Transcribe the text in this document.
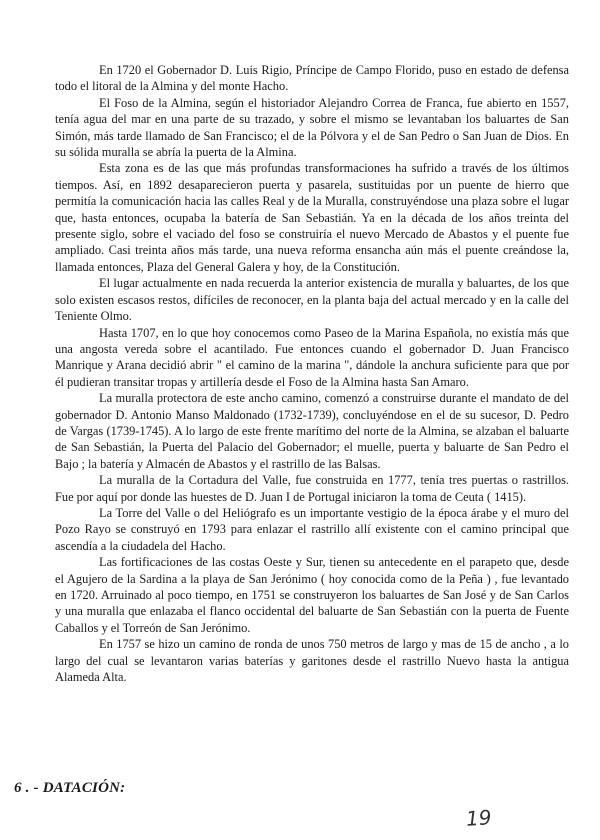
En 1720 el Gobernador D. Luis Rigio, Príncipe de Campo Florido, puso en estado de defensa todo el litoral de la Almina y del monte Hacho.

El Foso de la Almina, según el historiador Alejandro Correa de Franca, fue abierto en 1557, tenía agua del mar en una parte de su trazado, y sobre el mismo se levantaban los baluartes de San Simón, más tarde llamado de San Francisco; el de la Pólvora y el de San Pedro o San Juan de Dios. En su sólida muralla se abría la puerta de la Almina.

Esta zona es de las que más profundas transformaciones ha sufrido a través de los últimos tiempos. Así, en 1892 desaparecieron puerta y pasarela, sustituidas por un puente de hierro que permitía la comunicación hacia las calles Real y de la Muralla, construyéndose una plaza sobre el lugar que, hasta entonces, ocupaba la batería de San Sebastián. Ya en la década de los años treinta del presente siglo, sobre el vaciado del foso se construiría el nuevo Mercado de Abastos y el puente fue ampliado. Casi treinta años más tarde, una nueva reforma ensancha aún más el puente creándose la, llamada entonces, Plaza del General Galera y hoy, de la Constitución.

El lugar actualmente en nada recuerda la anterior existencia de muralla y baluartes, de los que solo existen escasos restos, difíciles de reconocer, en la planta baja del actual mercado y en la calle del Teniente Olmo.

Hasta 1707, en lo que hoy conocemos como Paseo de la Marina Española, no existía más que una angosta vereda sobre el acantilado. Fue entonces cuando el gobernador D. Juan Francisco Manrique y Arana decidió abrir " el camino de la marina ", dándole la anchura suficiente para que por él pudieran transitar tropas y artillería desde el Foso de la Almina hasta San Amaro.

La muralla protectora de este ancho camino, comenzó a construirse durante el mandato de del gobernador D. Antonio Manso Maldonado (1732-1739), concluyéndose en el de su sucesor, D. Pedro de Vargas (1739-1745). A lo largo de este frente marítimo del norte de la Almina, se alzaban el baluarte de San Sebastián, la Puerta del Palacio del Gobernador; el muelle, puerta y baluarte de San Pedro el Bajo ; la batería y Almacén de Abastos y el rastrillo de las Balsas.

La muralla de la Cortadura del Valle, fue construida en 1777, tenía tres puertas o rastrillos. Fue por aquí por donde las huestes de D. Juan I de Portugal iniciaron la toma de Ceuta ( 1415).

La Torre del Valle o del Heliógrafo es un importante vestigio de la época árabe y el muro del Pozo Rayo se construyó en 1793 para enlazar el rastrillo allí existente con el camino principal que ascendía a la ciudadela del Hacho.

Las fortificaciones de las costas Oeste y Sur, tienen su antecedente en el parapeto que, desde el Agujero de la Sardina a la playa de San Jerónimo ( hoy conocida como de la Peña ) , fue levantado en 1720. Arruinado al poco tiempo, en 1751 se construyeron los baluartes de San José y de San Carlos y una muralla que enlazaba el flanco occidental del baluarte de San Sebastián con la puerta de Fuente Caballos y el Torreón de San Jerónimo.

En 1757 se hizo un camino de ronda de unos 750 metros de largo y mas de 15 de ancho , a lo largo del cual se levantaron varias baterías y garitones desde el rastrillo Nuevo hasta la antigua Alameda Alta.

6 . - DATACIÓN:
19
